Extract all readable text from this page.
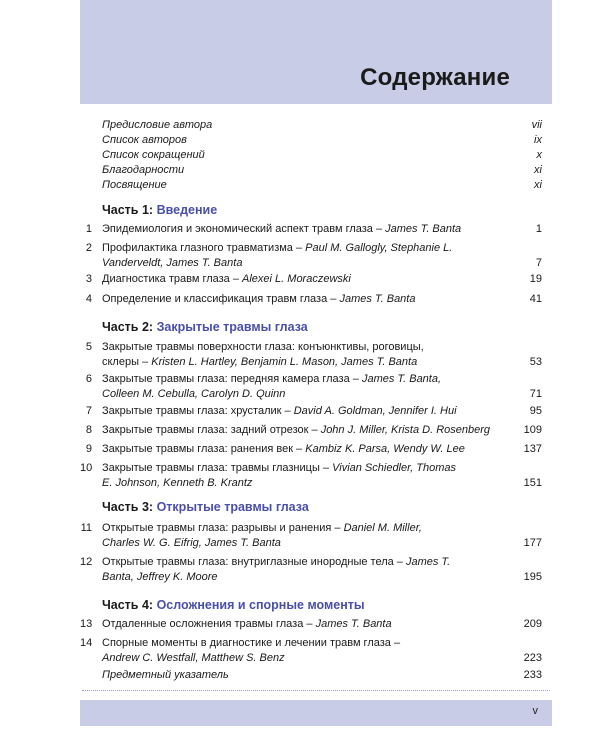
Содержание
Предисловие автора	vii
Список авторов	ix
Список сокращений	x
Благодарности	xi
Посвящение	xi
Часть 1: Введение
1 Эпидемиология и экономический аспект травм глаза – James T. Banta	1
2 Профилактика глазного травматизма – Paul M. Gallogly, Stephanie L. Vanderveldt, James T. Banta	7
3 Диагностика травм глаза – Alexei L. Moraczewski	19
4 Определение и классификация травм глаза – James T. Banta	41
Часть 2: Закрытые травмы глаза
5 Закрытые травмы поверхности глаза: конъюнктивы, роговицы, склеры – Kristen L. Hartley, Benjamin L. Mason, James T. Banta	53
6 Закрытые травмы глаза: передняя камера глаза – James T. Banta, Colleen M. Cebulla, Carolyn D. Quinn	71
7 Закрытые травмы глаза: хрусталик – David A. Goldman, Jennifer I. Hui	95
8 Закрытые травмы глаза: задний отрезок – John J. Miller, Krista D. Rosenberg	109
9 Закрытые травмы глаза: ранения век – Kambiz K. Parsa, Wendy W. Lee	137
10 Закрытые травмы глаза: травмы глазницы – Vivian Schiedler, Thomas E. Johnson, Kenneth B. Krantz	151
Часть 3: Открытые травмы глаза
11 Открытые травмы глаза: разрывы и ранения – Daniel M. Miller, Charles W. G. Eifrig, James T. Banta	177
12 Открытые травмы глаза: внутриглазные инородные тела – James T. Banta, Jeffrey K. Moore	195
Часть 4: Осложнения и спорные моменты
13 Отдаленные осложнения травмы глаза – James T. Banta	209
14 Спорные моменты в диагностике и лечении травм глаза – Andrew C. Westfall, Matthew S. Benz	223
Предметный указатель	233
v
